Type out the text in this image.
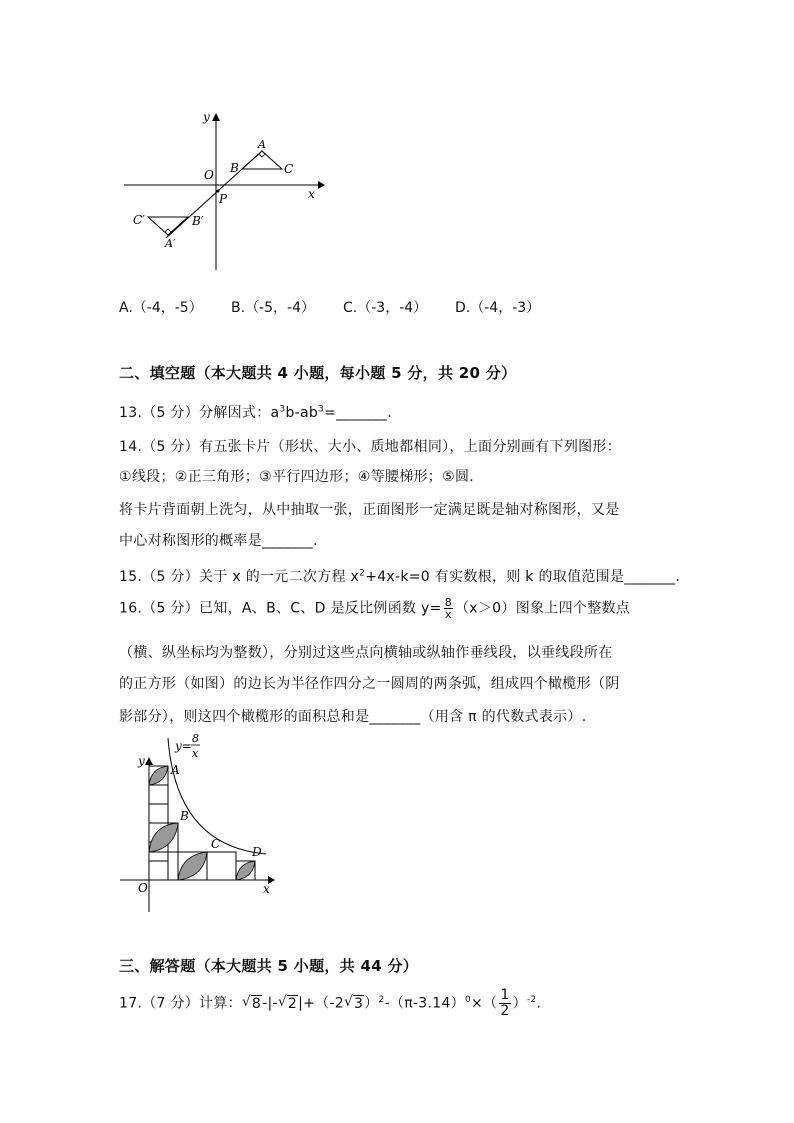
y
x
O
P
A
B	C
A′
B′
C′
A.（-4，-5） B.（-5，-4） C.（-3，-4） D.（-4，-3）
二、填空题（本大题共 4 小题，每小题 5 分，共 20 分）
13.（5 分）分解因式：$a^3b-ab^3=\_\_\_\_\_\_\_$.
14.（5 分）有五张卡片（形状、大小、质地都相同），上面分别画有下列图形：
①线段；②正三角形；③平行四边形；④等腰梯形；⑤圆.
将卡片背面朝上洗匀，从中抽取一张，正面图形一定满足既是轴对称图形，又是
中心对称图形的概率是_______.
15.（5 分）关于 x 的一元二次方程 $x^2+4x-k=0$ 有实数根，则 k 的取值范围是_______.
16.（5 分）已知，A、B、C、D 是反比例函数 $y= \frac{8}{x} (x>0)$图象上四个整数点
（横、纵坐标均为整数），分别过这些点向横轴或纵轴作垂线段，以垂线段所在
的正方形（如图）的边长为半径作四分之一圆周的两条弧，组成四个橄榄形（阴
影部分），则这四个橄榄形的面积总和是_______（用含 π 的代数式表示）.
y=
8
x
y
x
O
A
B
C
D
三、解答题（本大题共 5 小题，共 44 分）
17.（7 分）计算： √ 8-|- √ 2|+（-2 √ $3)^2-(\pi-3.14)^0\times( \frac{1}{2} )^{-2}$.
